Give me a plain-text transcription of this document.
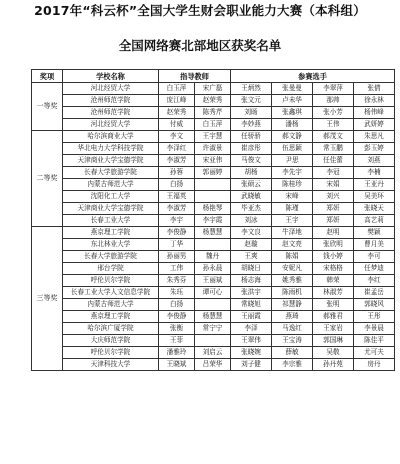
2017年“科云杯”全国大学生财会职业能力大赛（本科组）
全国网络赛北部地区获奖名单
奖项	学校名称	指导教师		参赛选手			
一等奖	河北经贸大学	白玉萍	宋广磊	王炳然	张曼曼	李翠萍	张倩
	沧州师范学院	庞江峰	赵荣秀	张文元	卢未华	那帅	徐永林
	沧州师范学院	赵荣秀	陈秀芹	刘旸	张鑫琪	张小芳	杨伟峰
	河北经贸大学	付威	白玉萍	李妙燕	潘杨	王伟	武妍婷
二等奖	哈尔滨商业大学	李文	王宇慧	任骄骄	郝文静	郝茂文	朱思凡
	华北电力大学科技学院	李泽红	许淑景	崔彦彤	伍思颖	常玉鹏	彭玉婷
	天津商业大学宝德学院	李淑芳	宋亚伟	马俊文	尹思	任佳蕾	刘燕
	长春大学旅游学院	孙蓉	郭丽婷	胡杨	李先宇	李冠	李楠
	内蒙古师范大学	白扬		张硕云	陈桂珍	宋娟	王亚丹
	沈阳化工大学	王福英		武晓敏	宋峰	刘兴	吴美环
	天津商业大学宝德学院	李淑芳	杨艳琴	毕亚杰	陈瑾	郑妍	张晓天
	长春工业大学	李宇	李宇霞	刘冰	王宇	郑妍	高艺莉
三等奖	燕京理工学院	李俊静	杨慧慧	李文良	牛泽地	赵明	樊颖
	东北林业大学	丁华		赵璇	赵文亮	张欣明	曹月美
	长春大学旅游学院	孙丽男	魏丹	王爽	陈娟	钱小婷	李可
	邢台学院	工伟	孙永晨	胡晓日	安妮凡	宋格格	任梦迪
	呼伦贝尔学院	朱秀芬	王丽斌	杨志海	姚秀雅	韩荣	李红
	长春工业大学人文信息学院	朱珏	谭可心	张洪宇	陈雨机	林淑芳	崔孟岳
	内蒙古师范大学	白扬		常晓旭	祁慧静	张明	郭晓风
	燕京理工学院	李俊静	杨慧慧	王丽霞	燕琦	郝雅君	王彤
	哈尔滨广厦学院	张衡	常宁宁	李泽	马逸红	王家岩	李景晨
	大庆师范学院	王菲		王翠伟	王宝涛	郭国琳	陈佳平
	呼伦贝尔学院	潘雅玲	刘启云	张晓婉	薛敏	吴敬	尤可夫
	天津科技大学	王晓斌	吕荣华	刘子健	李宗雅	孙丹苑	房丹
